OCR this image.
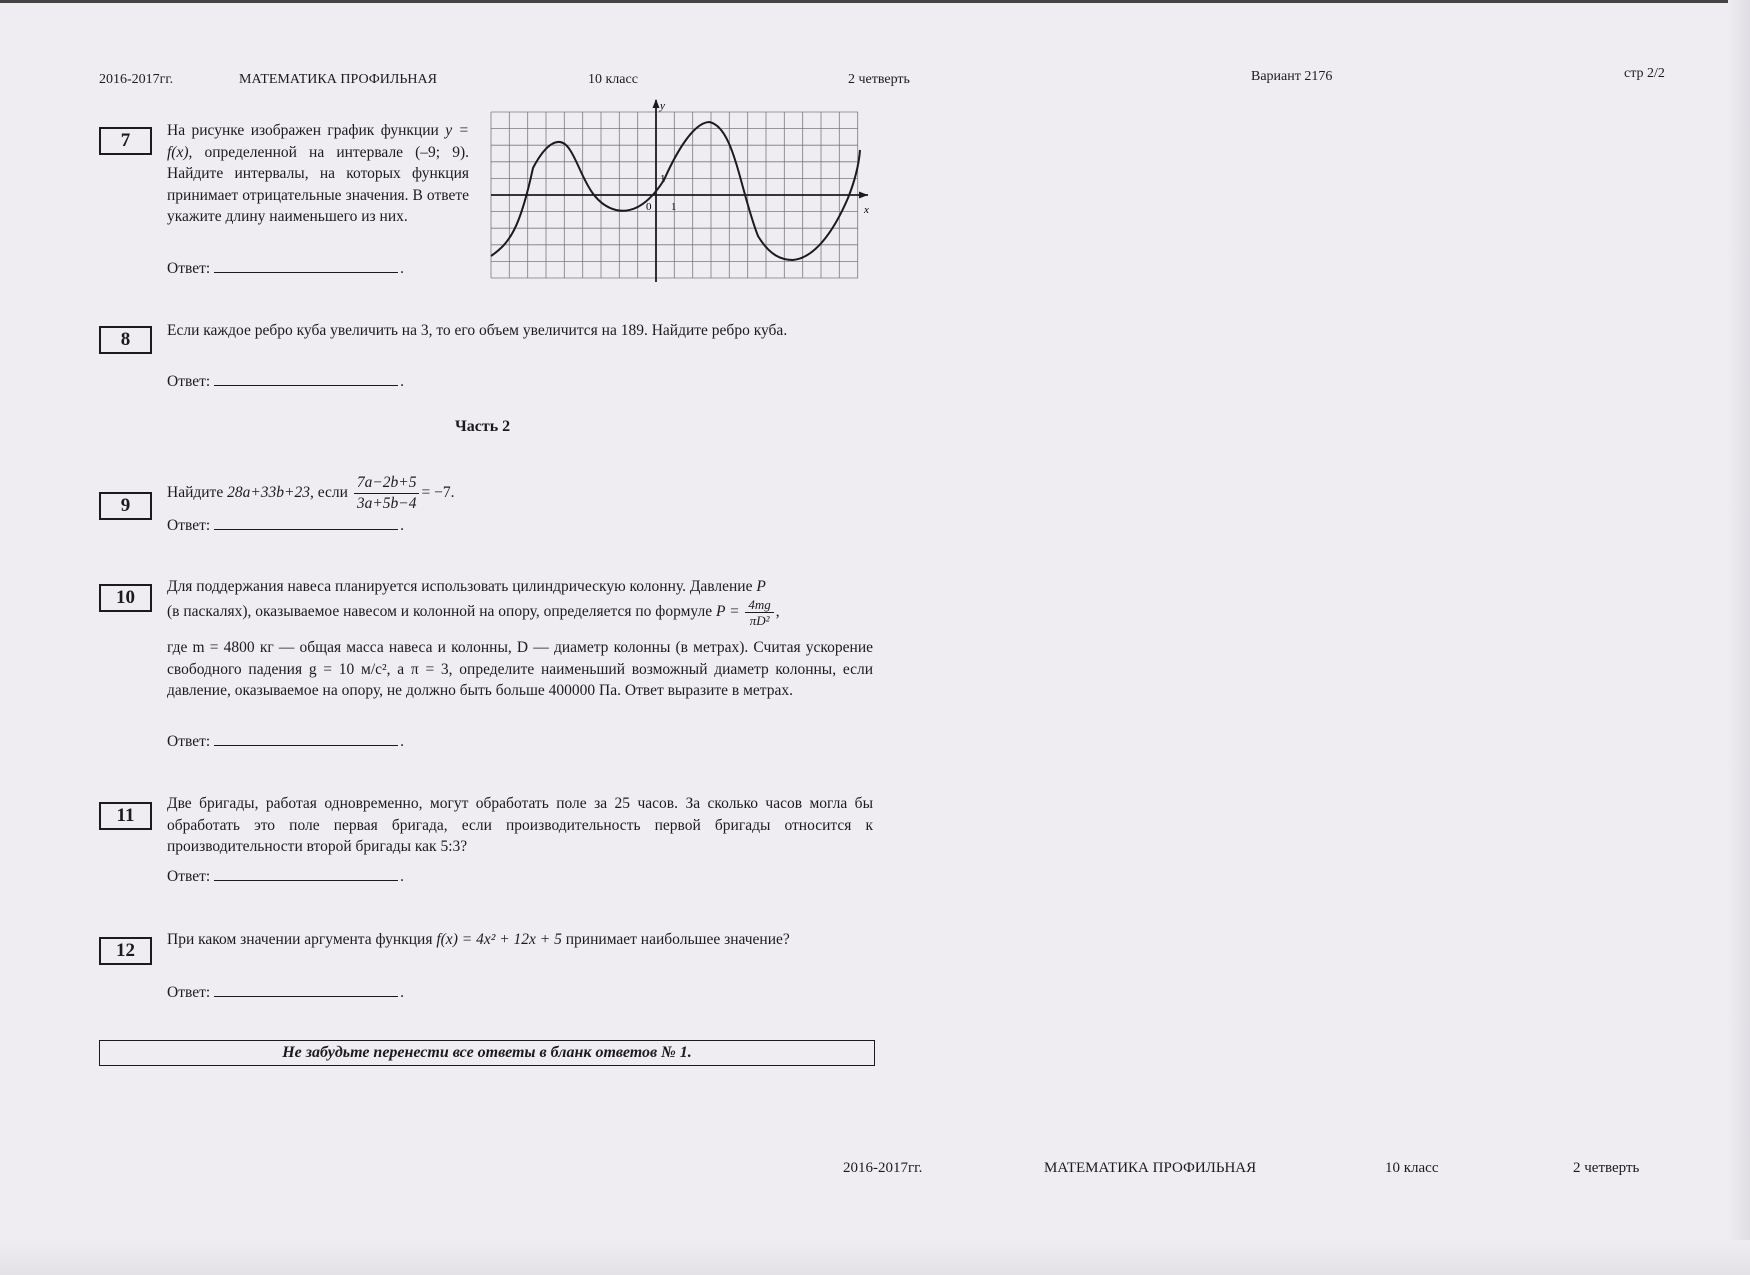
2016-2017гг.	МАТЕМАТИКА ПРОФИЛЬНАЯ	10 класс	2 четверть	Вариант 2176	стр 2/2
7	На рисунке изображен график функции y = f(x), определенной на интервале (–9; 9). Найдите интервалы, на которых функция принимает отрицательные значения. В ответе укажите длину наименьшего из них.
Ответ:	.
y
x
0 1
1
8	Если каждое ребро куба увеличить на 3, то его объем увеличится на 189. Найдите ребро куба.
Ответ:	.
Часть 2
9
Найдите 28a+33b+23, если $\frac{7a-2b+5}{3a+5b-4} = -7$.
Ответ:	.
10
Для поддержания навеса планируется использовать цилиндрическую колонну. Давление P
(в паскалях), оказываемое навесом и колонной на опору, определяется по формуле $P = \frac{4mg}{\text{πD²}}$ ,
где m = 4800 кг — общая масса навеса и колонны, D — диаметр колонны (в метрах). Считая ускорение свободного падения g = 10 м/с², а π = 3, определите наименьший возможный диаметр колонны, если давление, оказываемое на опору, не должно быть больше 400000 Па. Ответ выразите в метрах.
Ответ:	.
11
Две бригады, работая одновременно, могут обработать поле за 25 часов. За сколько часов могла бы обработать это поле первая бригада, если производительность первой бригады относится к производительности второй бригады как 5:3?
Ответ:	.
12
При каком значении аргумента функция f(x) = 4x² + 12x + 5 принимает наибольшее значение?
Ответ:	.
Не забудьте перенести все ответы в бланк ответов № 1.
2016-2017гг.	МАТЕМАТИКА ПРОФИЛЬНАЯ	10 класс	2 четверть
